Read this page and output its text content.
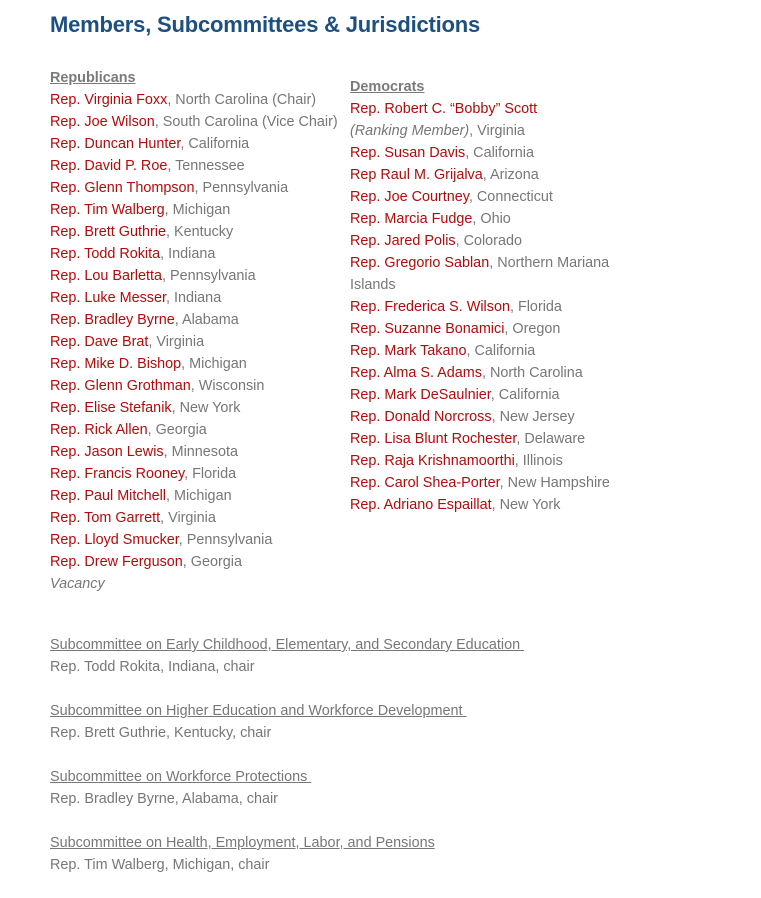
Members, Subcommittees & Jurisdictions
Republicans
Rep. Virginia Foxx, North Carolina (Chair)
Rep. Joe Wilson, South Carolina (Vice Chair)
Rep. Duncan Hunter, California
Rep. David P. Roe, Tennessee
Rep. Glenn Thompson, Pennsylvania
Rep. Tim Walberg, Michigan
Rep. Brett Guthrie, Kentucky
Rep. Todd Rokita, Indiana
Rep. Lou Barletta, Pennsylvania
Rep. Luke Messer, Indiana
Rep. Bradley Byrne, Alabama
Rep. Dave Brat, Virginia
Rep. Mike D. Bishop, Michigan
Rep. Glenn Grothman, Wisconsin
Rep. Elise Stefanik, New York
Rep. Rick Allen, Georgia
Rep. Jason Lewis, Minnesota
Rep. Francis Rooney, Florida
Rep. Paul Mitchell, Michigan
Rep. Tom Garrett, Virginia
Rep. Lloyd Smucker, Pennsylvania
Rep. Drew Ferguson, Georgia
Vacancy
Democrats
Rep. Robert C. “Bobby” Scott
(Ranking Member), Virginia
Rep. Susan Davis, California
Rep Raul M. Grijalva, Arizona
Rep. Joe Courtney, Connecticut
Rep. Marcia Fudge, Ohio
Rep. Jared Polis, Colorado
Rep. Gregorio Sablan, Northern Mariana Islands
Rep. Frederica S. Wilson, Florida
Rep. Suzanne Bonamici, Oregon
Rep. Mark Takano, California
Rep. Alma S. Adams, North Carolina
Rep. Mark DeSaulnier, California
Rep. Donald Norcross, New Jersey
Rep. Lisa Blunt Rochester, Delaware
Rep. Raja Krishnamoorthi, Illinois
Rep. Carol Shea-Porter, New Hampshire
Rep. Adriano Espaillat, New York
Subcommittee on Early Childhood, Elementary, and Secondary Education
Rep. Todd Rokita, Indiana, chair
Subcommittee on Higher Education and Workforce Development
Rep. Brett Guthrie, Kentucky, chair
Subcommittee on Workforce Protections
Rep. Bradley Byrne, Alabama, chair
Subcommittee on Health, Employment, Labor, and Pensions
Rep. Tim Walberg, Michigan, chair
